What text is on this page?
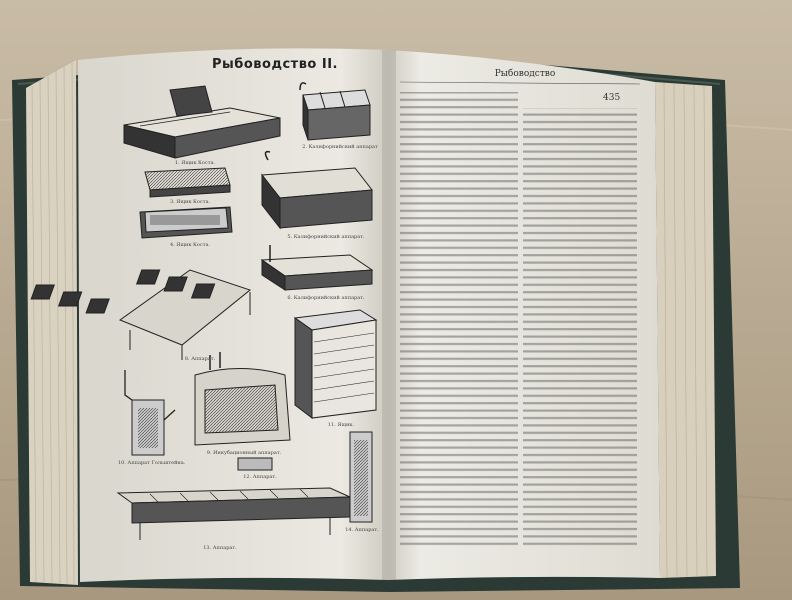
Рыбоводство II.
Рыбоводство
435
1. Ящик Коста.
2. Калифорнийский аппарат
3. Ящик Коста.
4. Ящик Коста.
5. Калифорнийский аппарат.
6. Калифорнийский аппарат.
8. Аппарат.
9. Инкубационный аппарат.
10. Аппарат Гольштейна.
11. Ящик.
12. Аппарат.
13. Аппарат.
14. Аппарат.
